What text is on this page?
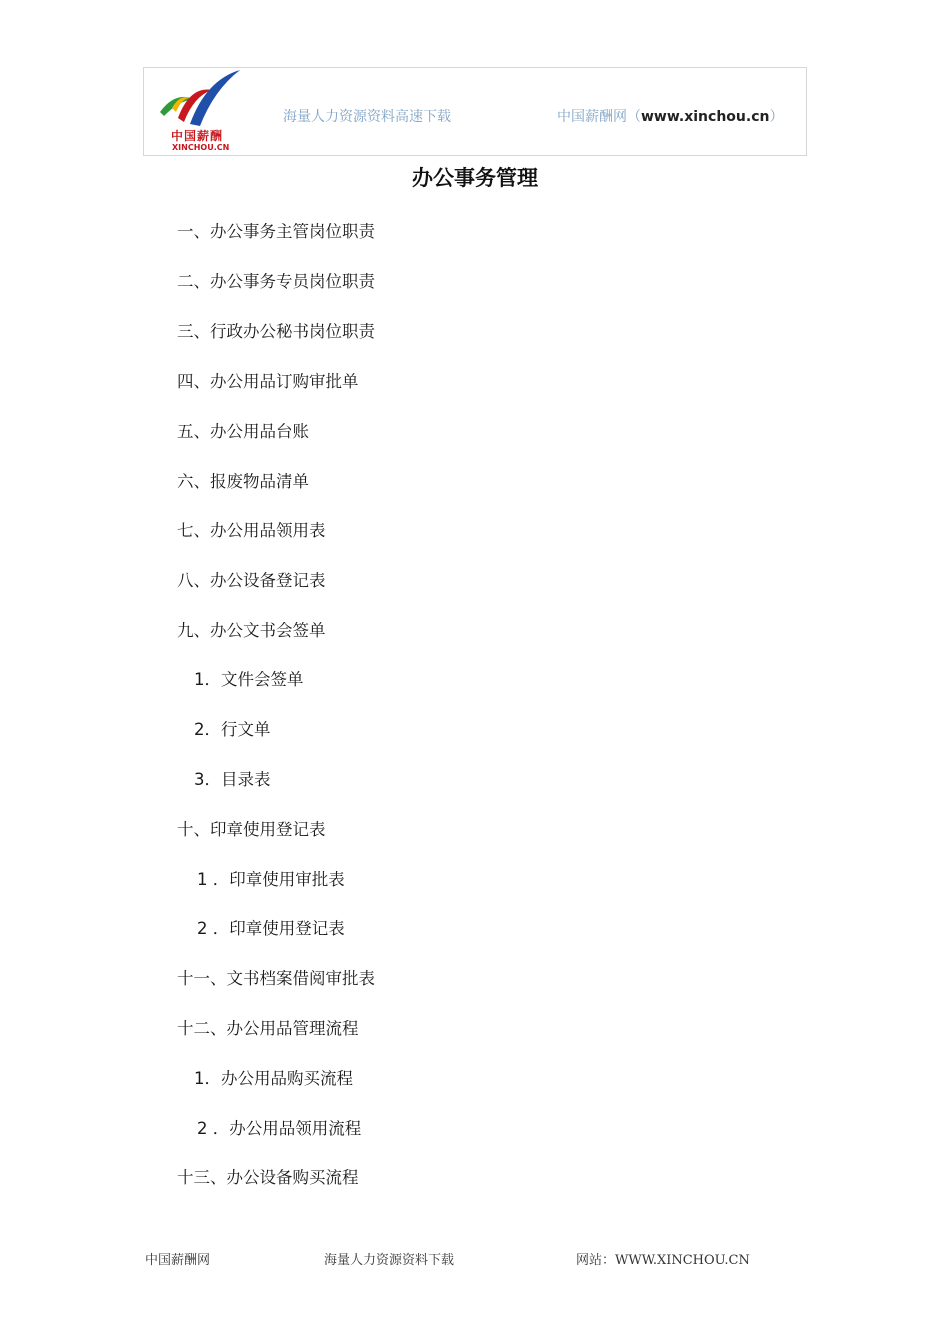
中国薪酬
XINCHOU.CN
海量人力资源资料高速下载	中国薪酬网（www.xinchou.cn）
办公事务管理
一、办公事务主管岗位职责
二、办公事务专员岗位职责
三、行政办公秘书岗位职责
四、办公用品订购审批单
五、办公用品台账
六、报废物品清单
七、办公用品领用表
八、办公设备登记表
九、办公文书会签单
1．文件会签单
2．行文单
3．目录表
十、印章使用登记表
1 ．印章使用审批表
2 ．印章使用登记表
十一、文书档案借阅审批表
十二、办公用品管理流程
1．办公用品购买流程
2 ．办公用品领用流程
十三、办公设备购买流程
中国薪酬网	海量人力资源资料下载	网站：WWW.XINCHOU.CN
